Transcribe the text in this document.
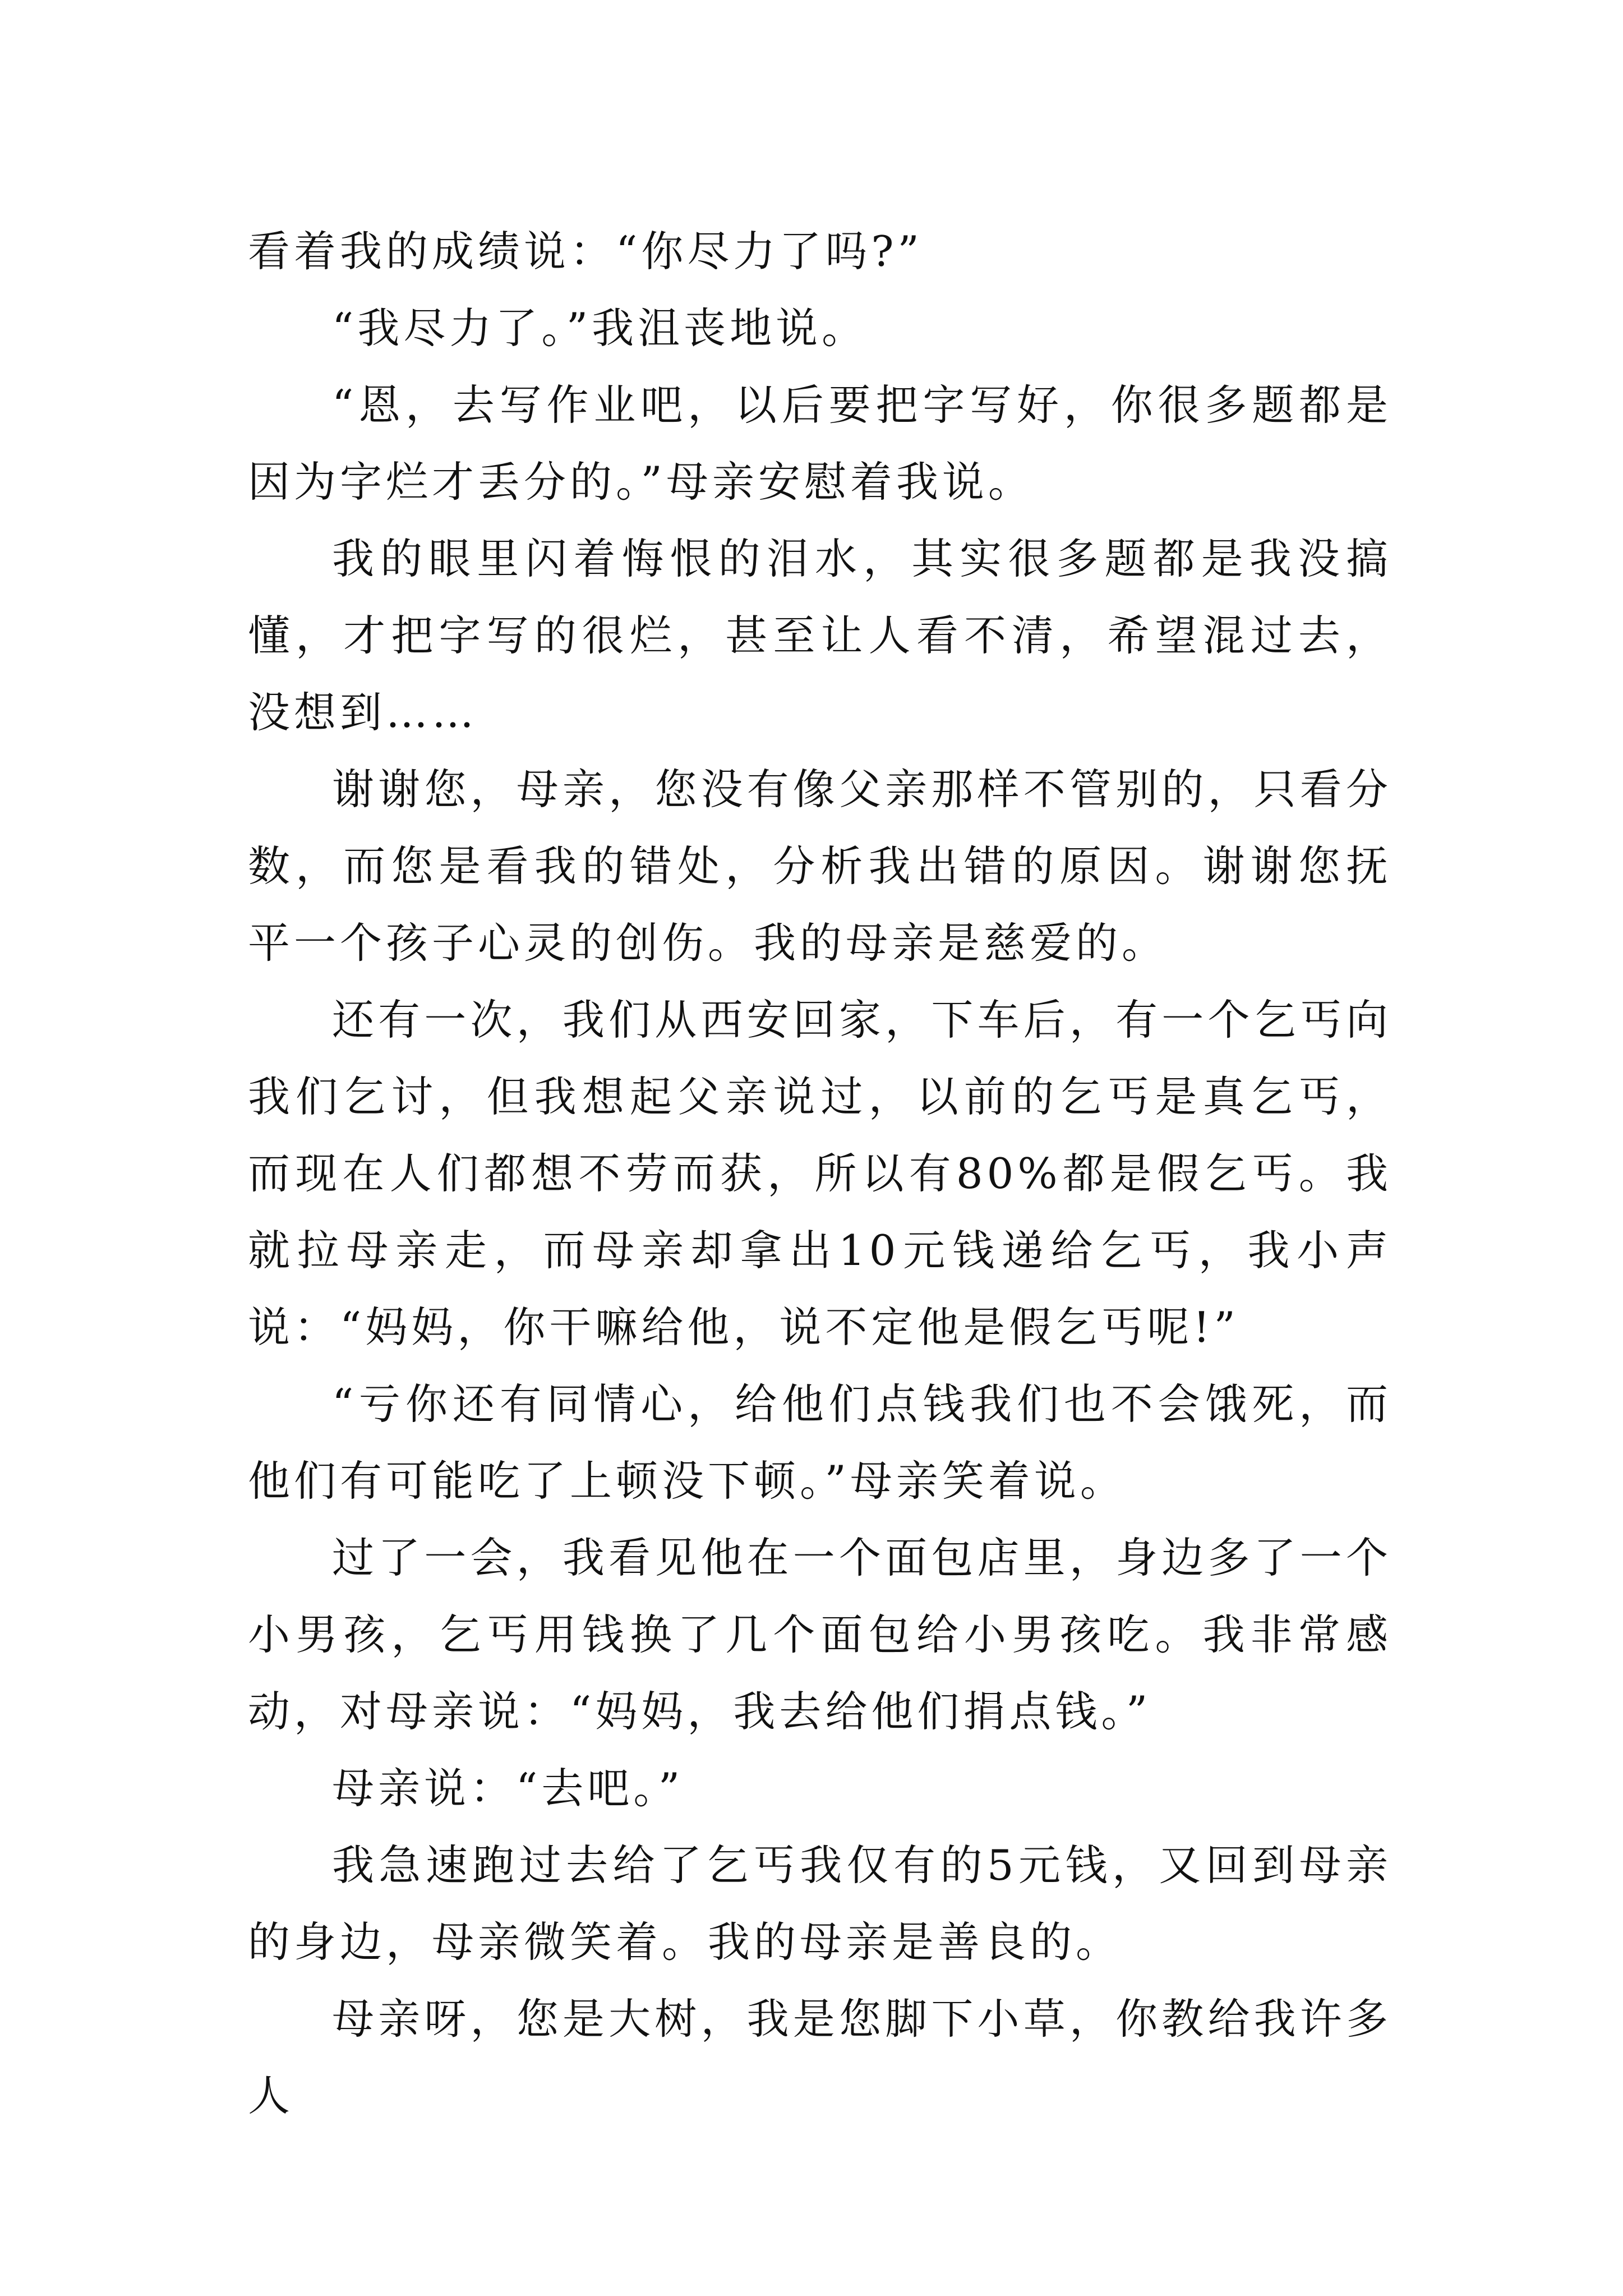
看着我的成绩说：“你尽力了吗?”

“我尽力了。”我沮丧地说。

“恩，去写作业吧，以后要把字写好，你很多题都是因为字烂才丢分的。”母亲安慰着我说。

我的眼里闪着悔恨的泪水，其实很多题都是我没搞懂，才把字写的很烂，甚至让人看不清，希望混过去，没想到……

谢谢您，母亲，您没有像父亲那样不管别的，只看分数，而您是看我的错处，分析我出错的原因。谢谢您抚平一个孩子心灵的创伤。我的母亲是慈爱的。

还有一次，我们从西安回家，下车后，有一个乞丐向我们乞讨，但我想起父亲说过，以前的乞丐是真乞丐，而现在人们都想不劳而获，所以有80%都是假乞丐。我就拉母亲走，而母亲却拿出10元钱递给乞丐，我小声说：“妈妈，你干嘛给他，说不定他是假乞丐呢!”

“亏你还有同情心，给他们点钱我们也不会饿死，而他们有可能吃了上顿没下顿。”母亲笑着说。

过了一会，我看见他在一个面包店里，身边多了一个小男孩，乞丐用钱换了几个面包给小男孩吃。我非常感动，对母亲说：“妈妈，我去给他们捐点钱。”

母亲说：“去吧。”

我急速跑过去给了乞丐我仅有的5元钱，又回到母亲的身边，母亲微笑着。我的母亲是善良的。

母亲呀，您是大树，我是您脚下小草，你教给我许多人
